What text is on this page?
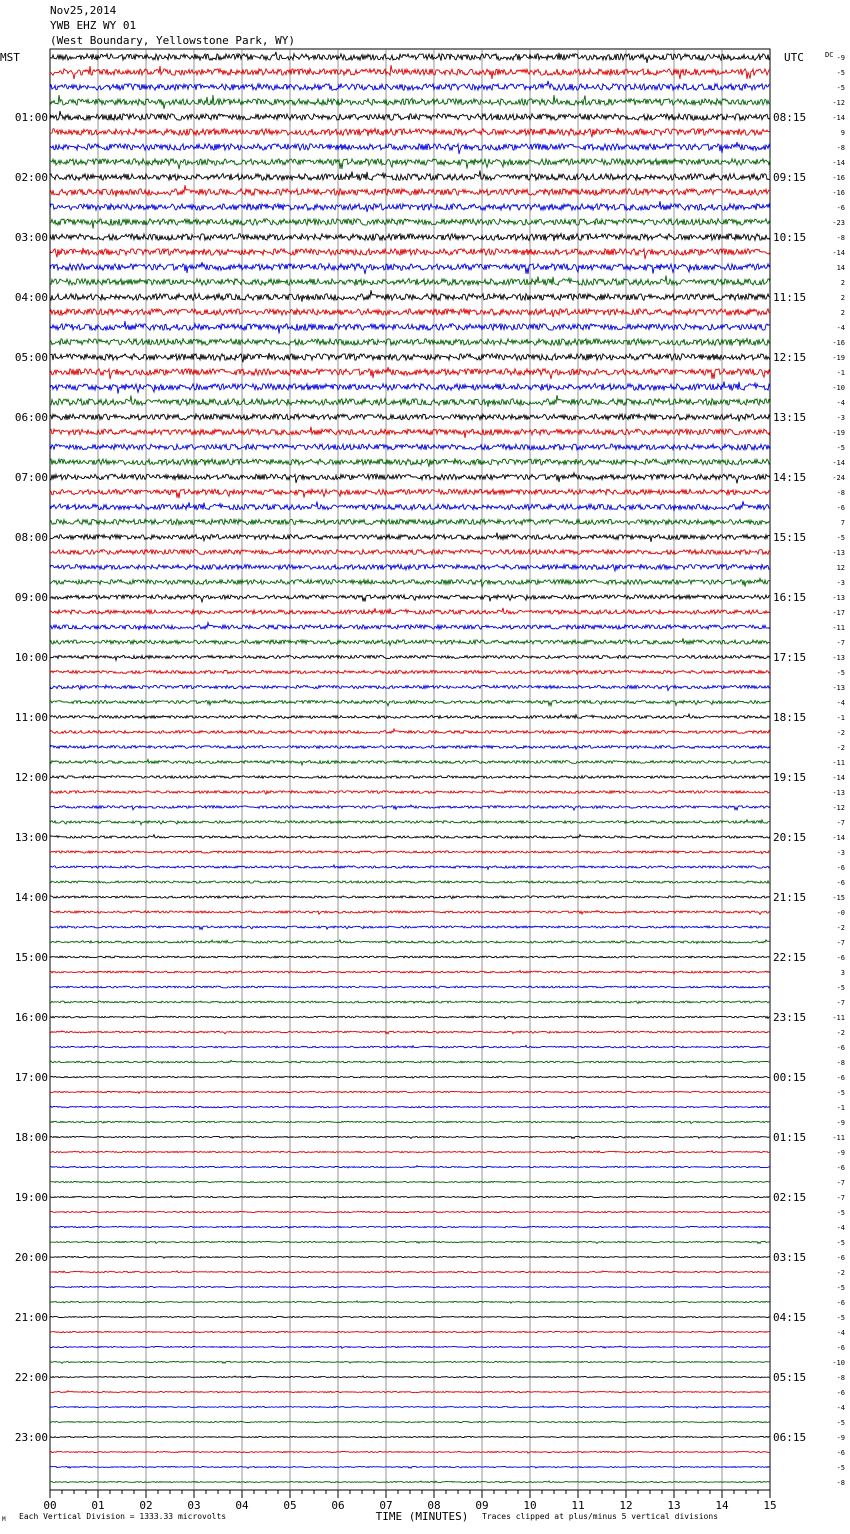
Nov25,2014
YWB EHZ WY 01
(West Boundary, Yellowstone Park, WY)
-9
-5
-5
-12
-14
9
-8
-14
-16
-16
-6
-23
-8
-14
14
2
2
2
-4
-16
-19
-1
-10
-4
-3
-19
-5
-14
-24
-8
-6
7
-5
-13
12
-3
-13
-17
-11
-7
-13
-5
-13
-4
-1
-2
-2
-11
-14
-13
-12
-7
-14
-3
-6
-6
-15
-0
-2
-7
-6
3
-5
-7
-11
-2
-6
-8
-6
-5
-1
-9
-11
-9
-6
-7
-7
-5
-4
-5
-6
-2
-5
-6
-5
-4
-6
-10
-8
-6
-4
-5
-9
-6
-5
-8
MST	UTC	DC
01:00	08:15
02:00	09:15
03:00	10:15
04:00	11:15
05:00	12:15
06:00	13:15
07:00	14:15
08:00	15:15
09:00	16:15
10:00	17:15
11:00	18:15
12:00	19:15
13:00	20:15
14:00	21:15
15:00	22:15
16:00	23:15
17:00	00:15
18:00	01:15
19:00	02:15
20:00	03:15
21:00	04:15
22:00	05:15
23:00	06:15
00	01	02	03	04	05	06	07	08	09	10	11	12	13	14	15
TIME (MINUTES)
Each Vertical Division = 1333.33 microvolts	Traces clipped at plus/minus 5 vertical divisions
M
